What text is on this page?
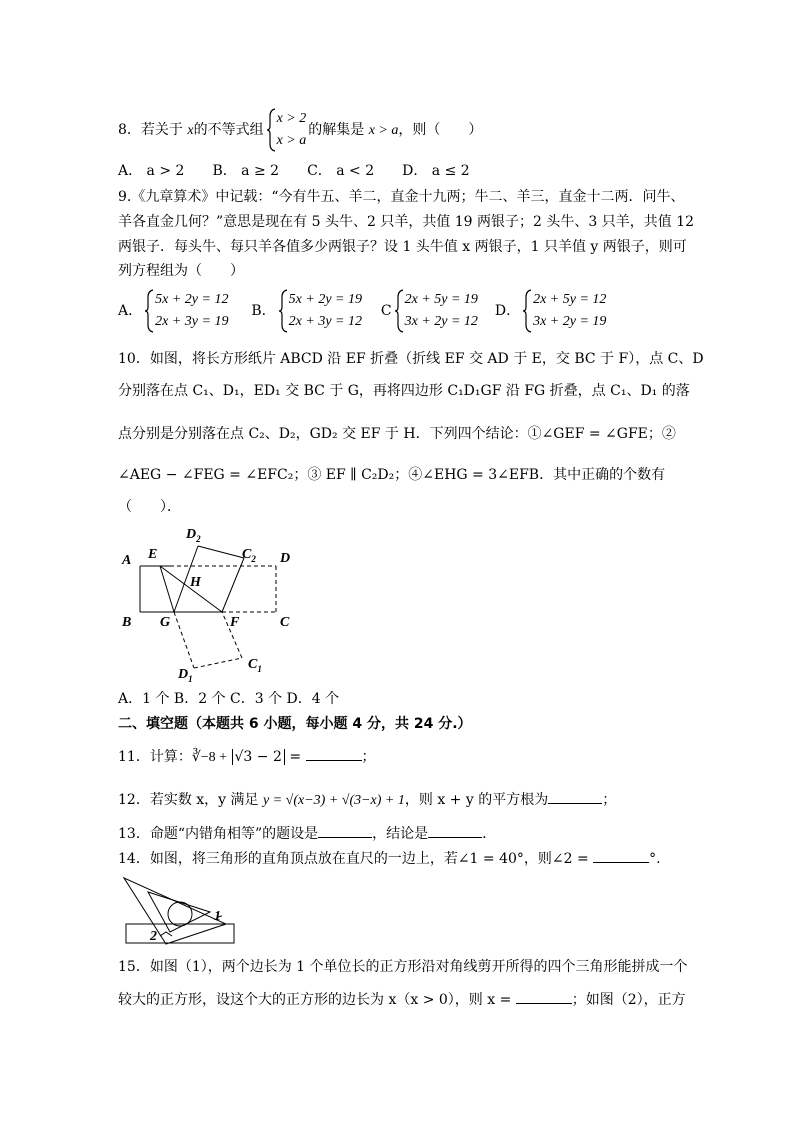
8．若关于 x的不等式组
x > 2
x > a
的解集是 x > a，则（　　）
A． a > 2　　B． a ≥ 2　　C． a < 2　　D． a ≤ 2
9.《九章算术》中记载：“今有牛五、羊二，直金十九两；牛二、羊三，直金十二两．问牛、
羊各直金几何？”意思是现在有 5 头牛、2 只羊，共值 19 两银子；2 头牛、3 只羊，共值 12
两银子．每头牛、每只羊各值多少两银子？设 1 头牛值 x 两银子，1 只羊值 y 两银子，则可
列方程组为（　　）
A．
5x + 2y = 12
2x + 3y = 19
B．
5x + 2y = 19
2x + 3y = 12
C
2x + 5y = 19
3x + 2y = 12
D．
2x + 5y = 12
3x + 2y = 19
10．如图，将长方形纸片 ABCD 沿 EF 折叠（折线 EF 交 AD 于 E，交 BC 于 F），点 C、D
分别落在点 C₁、D₁，ED₁ 交 BC 于 G，再将四边形 C₁D₁GF 沿 FG 折叠，点 C₁、D₁ 的落
点分别是分别落在点 C₂、D₂，GD₂ 交 EF 于 H．下列四个结论：①∠GEF = ∠GFE；②
∠AEG − ∠FEG = ∠EFC₂；③ EF ∥ C₂D₂；④∠EHG = 3∠EFB．其中正确的个数有
（　　）．
A E
$D_2$
$C_2$ D
H
B G	F	C
$D_1$
$C_1$
A．1 个 B．2 个 C．3 个 D．4 个
二、填空题（本题共 6 小题，每小题 4 分，共 24 分.）
11．计算：∛−8 + √3 − 2 =	；
12．若实数 x，y 满足 y = √(x−3) + √(3−x) + 1，则 x + y 的平方根为	；
13．命题“内错角相等”的题设是	，结论是	.
14．如图，将三角形的直角顶点放在直尺的一边上，若∠1 = 40°，则∠2 =	°.
1
2
15．如图（1），两个边长为 1 个单位长的正方形沿对角线剪开所得的四个三角形能拼成一个
较大的正方形，设这个大的正方形的边长为 x（x > 0），则 x =	；如图（2），正方
